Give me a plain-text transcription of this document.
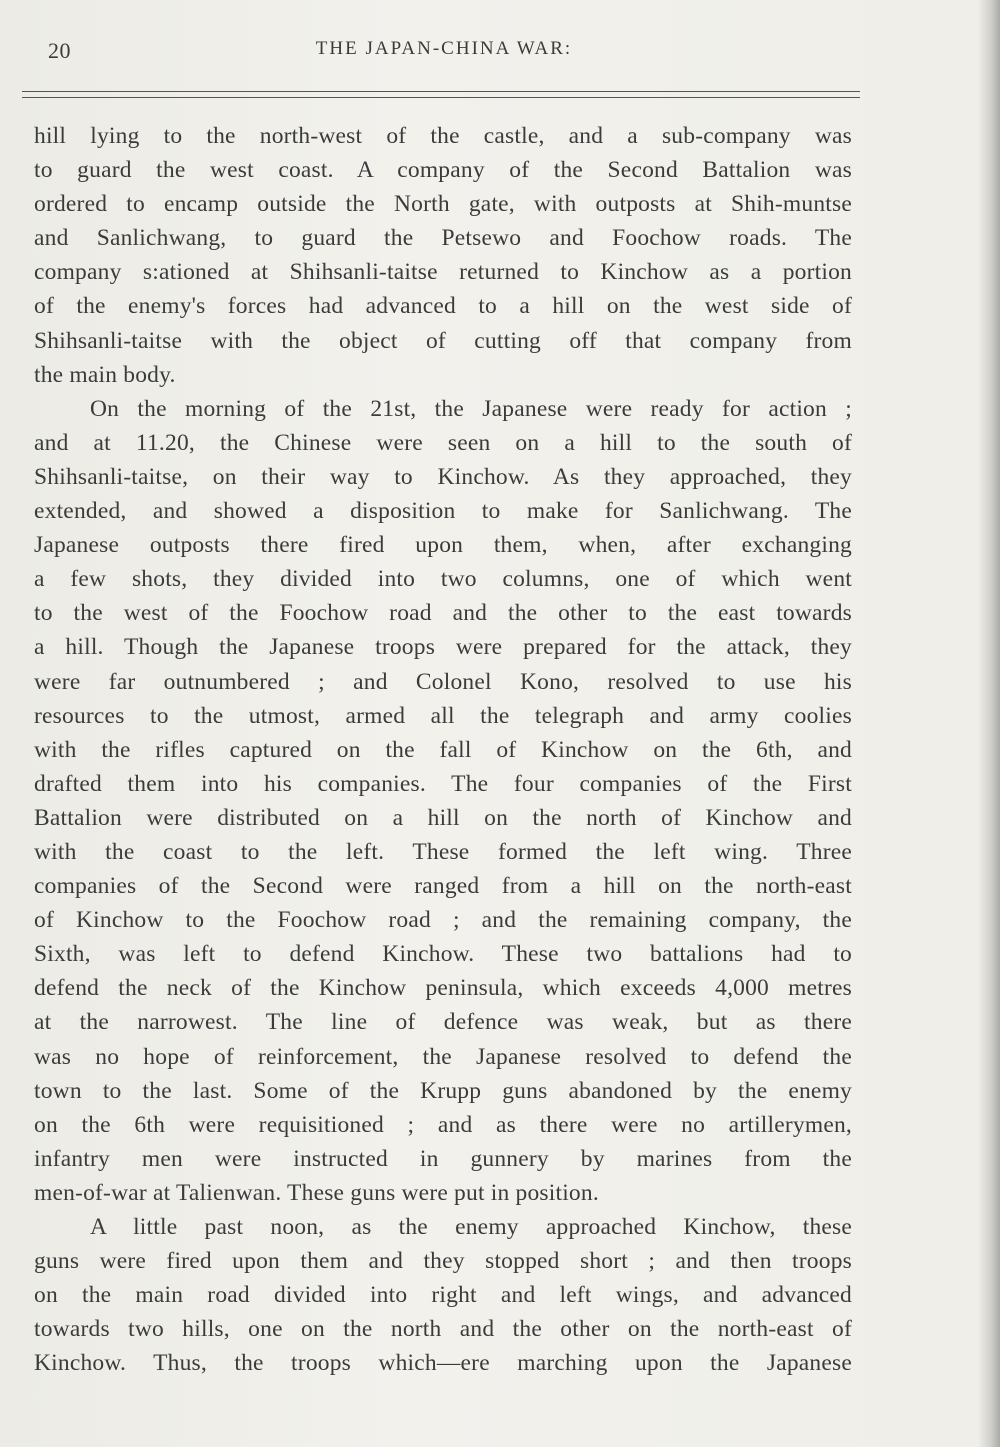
20	THE JAPAN-CHINA WAR:
hill lying to the north-west of the castle, and a sub-company was
to guard the west coast. A company of the Second Battalion was
ordered to encamp outside the North gate, with outposts at Shih-muntse
and Sanlichwang, to guard the Petsewo and Foochow roads. The
company s:ationed at Shihsanli-taitse returned to Kinchow as a portion
of the enemy's forces had advanced to a hill on the west side of
Shihsanli-taitse with the object of cutting off that company from
the main body.
On the morning of the 21st, the Japanese were ready for action ;
and at 11.20, the Chinese were seen on a hill to the south of
Shihsanli-taitse, on their way to Kinchow. As they approached, they
extended, and showed a disposition to make for Sanlichwang. The
Japanese outposts there fired upon them, when, after exchanging
a few shots, they divided into two columns, one of which went
to the west of the Foochow road and the other to the east towards
a hill. Though the Japanese troops were prepared for the attack, they
were far outnumbered ; and Colonel Kono, resolved to use his
resources to the utmost, armed all the telegraph and army coolies
with the rifles captured on the fall of Kinchow on the 6th, and
drafted them into his companies. The four companies of the First
Battalion were distributed on a hill on the north of Kinchow and
with the coast to the left. These formed the left wing. Three
companies of the Second were ranged from a hill on the north-east
of Kinchow to the Foochow road ; and the remaining company, the
Sixth, was left to defend Kinchow. These two battalions had to
defend the neck of the Kinchow peninsula, which exceeds 4,000 metres
at the narrowest. The line of defence was weak, but as there
was no hope of reinforcement, the Japanese resolved to defend the
town to the last. Some of the Krupp guns abandoned by the enemy
on the 6th were requisitioned ; and as there were no artillerymen,
infantry men were instructed in gunnery by marines from the
men-of-war at Talienwan. These guns were put in position.
A little past noon, as the enemy approached Kinchow, these
guns were fired upon them and they stopped short ; and then troops
on the main road divided into right and left wings, and advanced
towards two hills, one on the north and the other on the north-east of
Kinchow. Thus, the troops which—ere marching upon the Japanese
